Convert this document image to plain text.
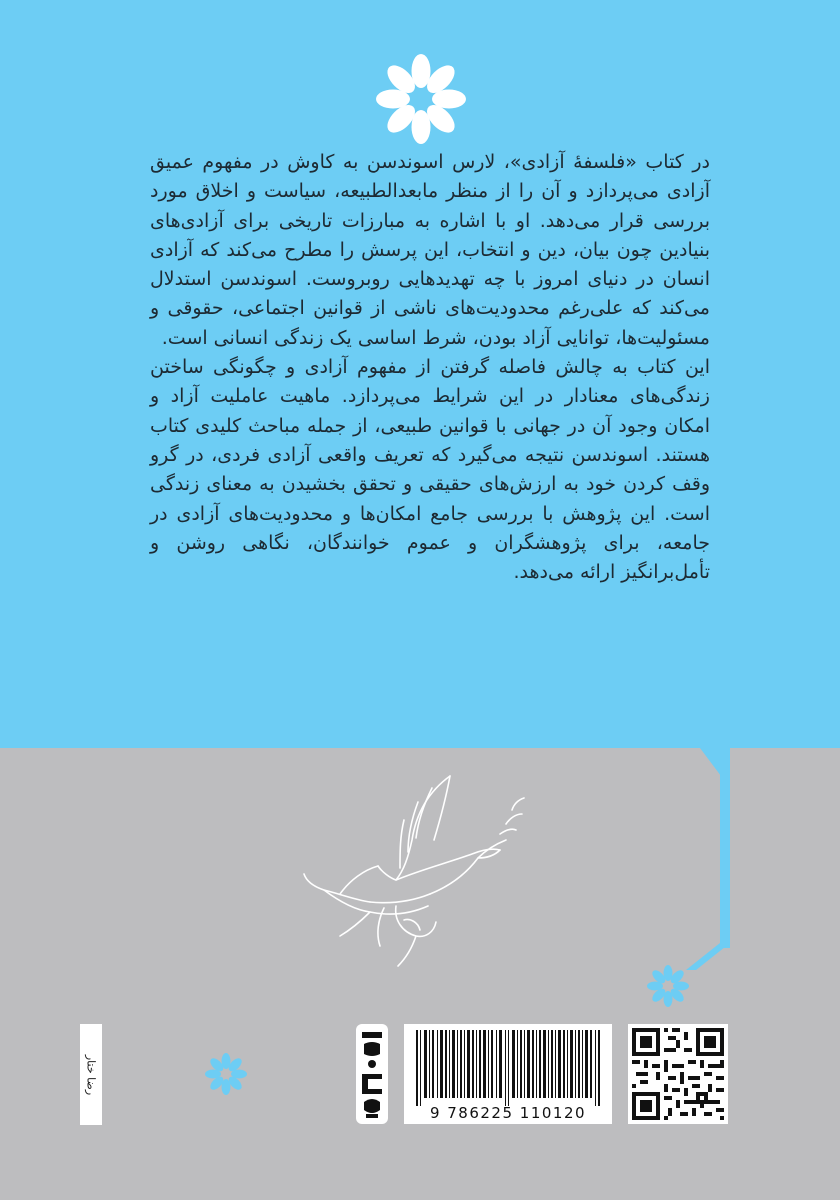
در کتاب «فلسفهٔ آزادی»، لارس اسوندسن به کاوش در مفهوم عمیق آزادی می‌پردازد و آن را از منظر مابعدالطبیعه، سیاست و اخلاق مورد بررسی قرار می‌دهد. او با اشاره به مبارزات تاریخی برای آزادی‌های بنیادین چون بیان، دین و انتخاب، این پرسش را مطرح می‌کند که آزادی انسان در دنیای امروز با چه تهدیدهایی روبروست. اسوندسن استدلال می‌کند که علی‌رغم محدودیت‌های ناشی از قوانین اجتماعی، حقوقی و مسئولیت‌ها، توانایی آزاد بودن، شرط اساسی یک زندگی انسانی است.

این کتاب به چالش فاصله گرفتن از مفهوم آزادی و چگونگی ساختن زندگی‌های معنادار در این شرایط می‌پردازد. ماهیت عاملیت آزاد و امکان وجود آن در جهانی با قوانین طبیعی، از جمله مباحث کلیدی کتاب هستند. اسوندسن نتیجه می‌گیرد که تعریف واقعی آزادی فردی، در گرو وقف کردن خود به ارزش‌های حقیقی و تحقق بخشیدن به معنای زندگی است. این پژوهش با بررسی جامع امکان‌ها و محدودیت‌های آزادی در جامعه، برای پژوهشگران و عموم خوانندگان، نگاهی روشن و تأمل‌برانگیز ارائه می‌دهد.

9 786225 110120
رضا ختار
